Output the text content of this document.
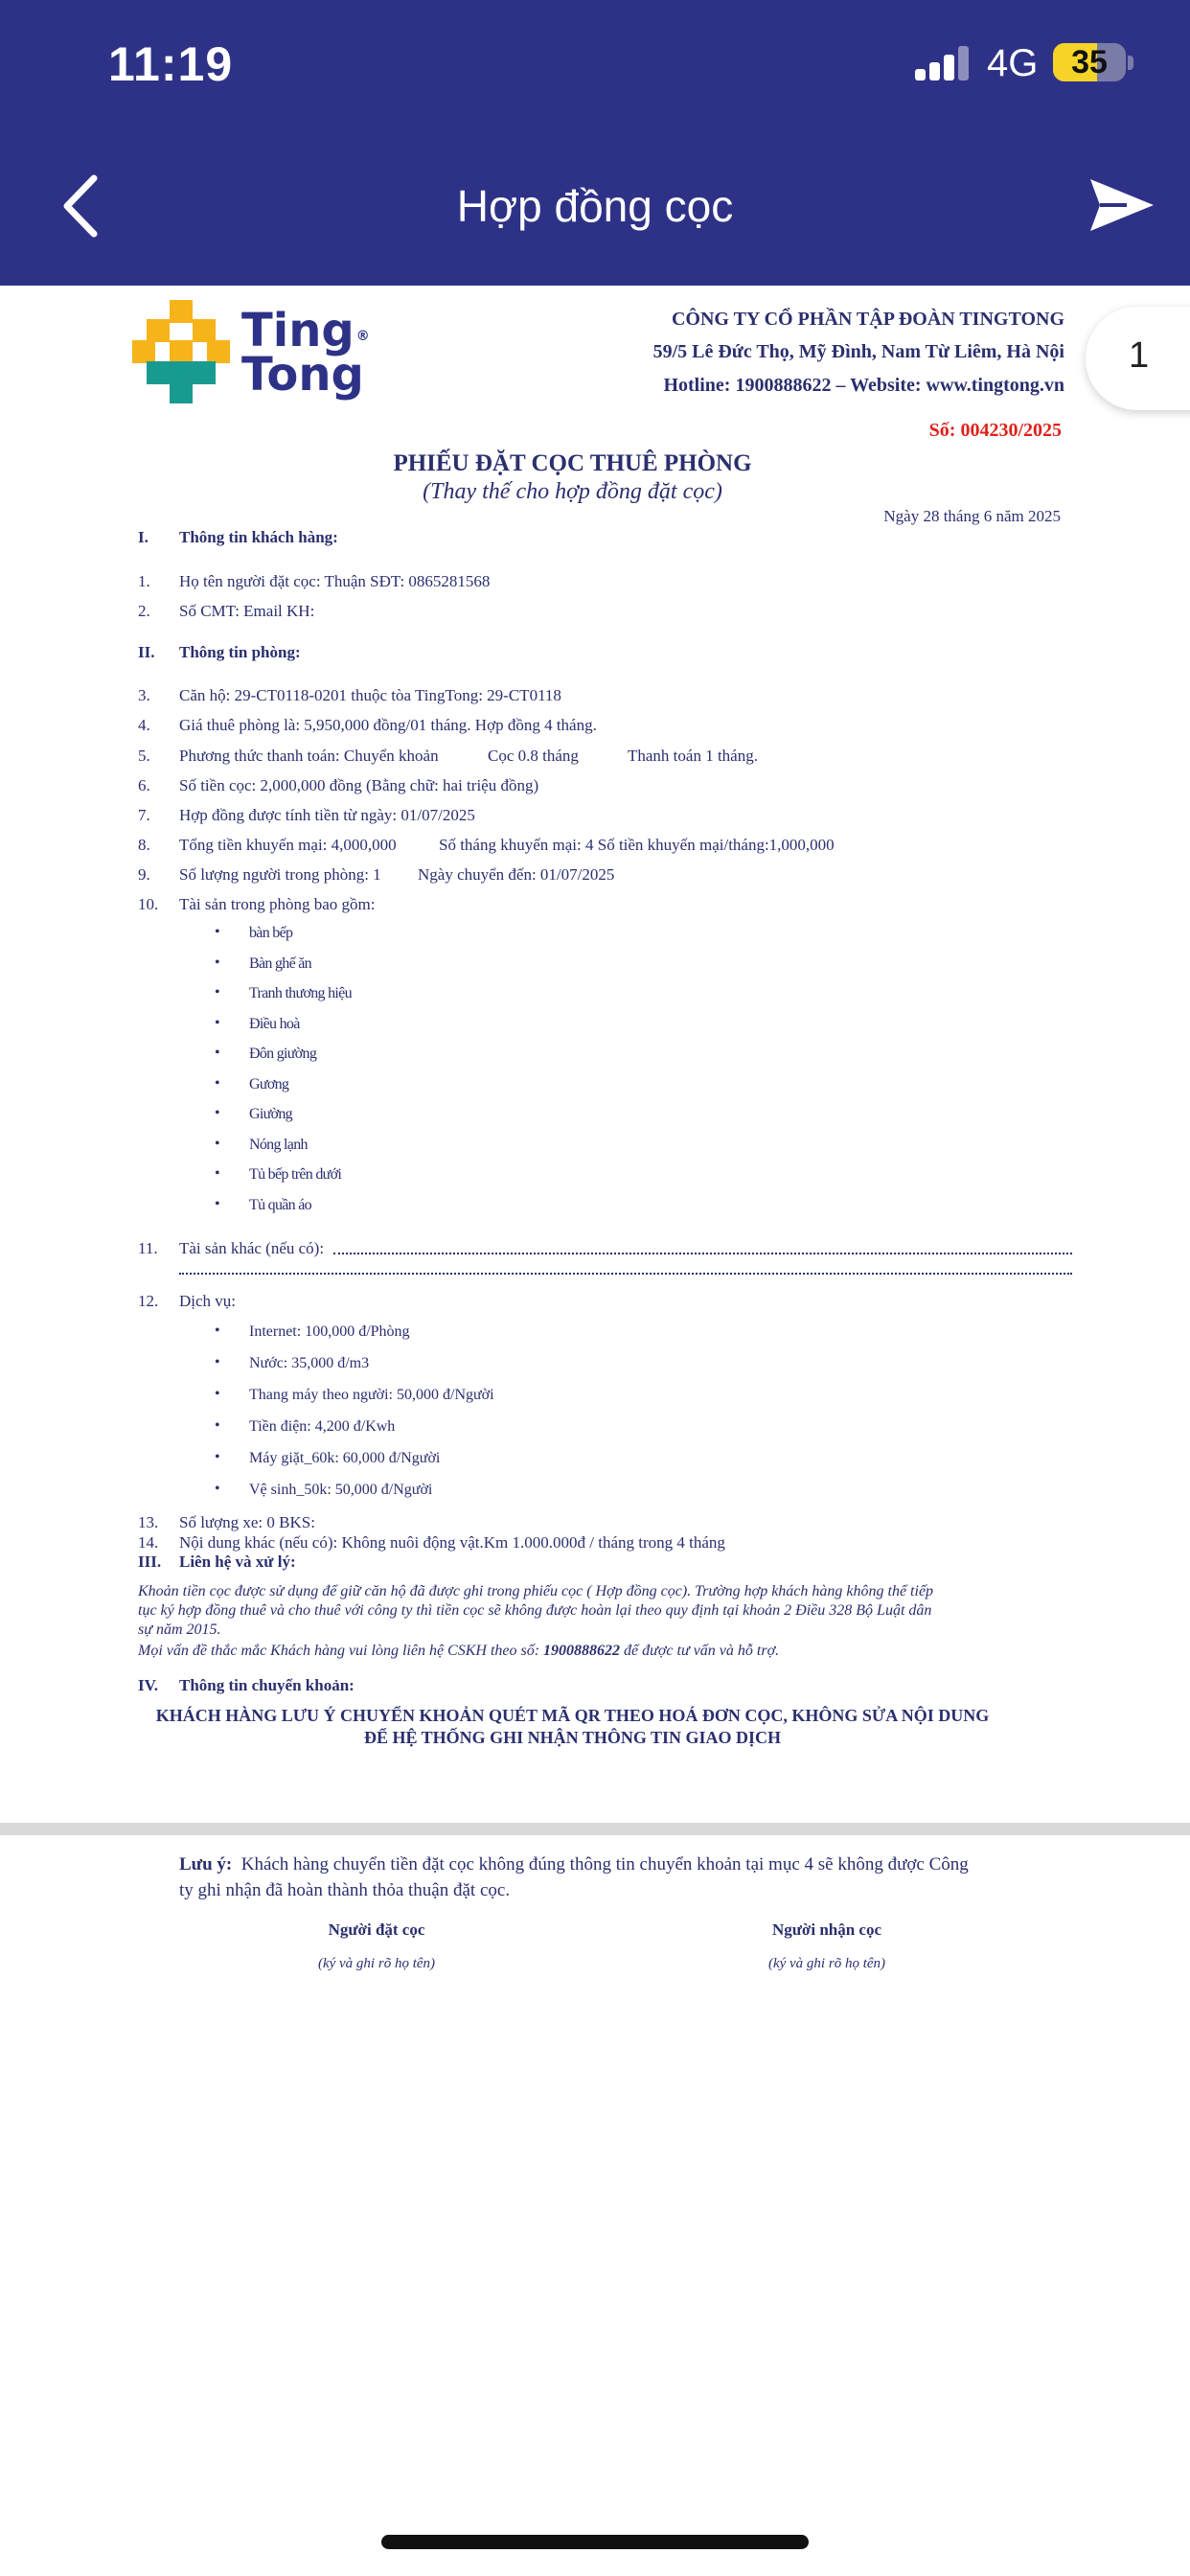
11:19	4G	35
Hợp đồng cọc
1
Ting ®
Tong
CÔNG TY CỔ PHẦN TẬP ĐOÀN TINGTONG
59/5 Lê Đức Thọ, Mỹ Đình, Nam Từ Liêm, Hà Nội
Hotline: 1900888622 – Website: www.tingtong.vn
Số: 004230/2025
PHIẾU ĐẶT CỌC THUÊ PHÒNG
(Thay thế cho hợp đồng đặt cọc)
Ngày 28 tháng 6 năm 2025
I. Thông tin khách hàng:
1. Họ tên người đặt cọc: Thuận SĐT: 0865281568
2. Số CMT: Email KH:
II. Thông tin phòng:
3. Căn hộ: 29-CT0118-0201 thuộc tòa TingTong: 29-CT0118
4. Giá thuê phòng là: 5,950,000 đồng/01 tháng. Hợp đồng 4 tháng.
5. Phương thức thanh toán: Chuyển khoản	Cọc 0.8 tháng	Thanh toán 1 tháng.
6. Số tiền cọc: 2,000,000 đồng (Bằng chữ: hai triệu đồng)
7. Hợp đồng được tính tiền từ ngày: 01/07/2025
8. Tổng tiền khuyến mại: 4,000,000	Số tháng khuyến mại: 4 Số tiền khuyến mại/tháng:1,000,000
9. Số lượng người trong phòng: 1 Ngày chuyển đến: 01/07/2025
10. Tài sản trong phòng bao gồm:
• bàn bếp
• Bàn ghế ăn
• Tranh thương hiệu
• Điều hoà
• Đôn giường
• Gương
• Giường
• Nóng lạnh
• Tủ bếp trên dưới
• Tủ quần áo
11. Tài sản khác (nếu có):
12. Dịch vụ:
• Internet: 100,000 đ/Phòng
• Nước: 35,000 đ/m3
• Thang máy theo người: 50,000 đ/Người
• Tiền điện: 4,200 đ/Kwh
• Máy giặt_60k: 60,000 đ/Người
• Vệ sinh_50k: 50,000 đ/Người
13. Số lượng xe: 0 BKS:
14. Nội dung khác (nếu có): Không nuôi động vật.Km 1.000.000đ / tháng trong 4 tháng
III. Liên hệ và xử lý:
Khoản tiền cọc được sử dụng để giữ căn hộ đã được ghi trong phiếu cọc ( Hợp đồng cọc). Trường hợp khách hàng không thể tiếp
tục ký hợp đồng thuê và cho thuê với công ty thì tiền cọc sẽ không được hoàn lại theo quy định tại khoản 2 Điều 328 Bộ Luật dân
sự năm 2015.
Mọi vấn đề thắc mắc Khách hàng vui lòng liên hệ CSKH theo số: 1900888622 để được tư vấn và hỗ trợ.
IV. Thông tin chuyển khoản:
KHÁCH HÀNG LƯU Ý CHUYỂN KHOẢN QUÉT MÃ QR THEO HOÁ ĐƠN CỌC, KHÔNG SỬA NỘI DUNG
ĐỂ HỆ THỐNG GHI NHẬN THÔNG TIN GIAO DỊCH
Lưu ý: Khách hàng chuyển tiền đặt cọc không đúng thông tin chuyển khoản tại mục 4 sẽ không được Công
ty ghi nhận đã hoàn thành thỏa thuận đặt cọc.
Người đặt cọc
(ký và ghi rõ họ tên)
Người nhận cọc
(ký và ghi rõ họ tên)
